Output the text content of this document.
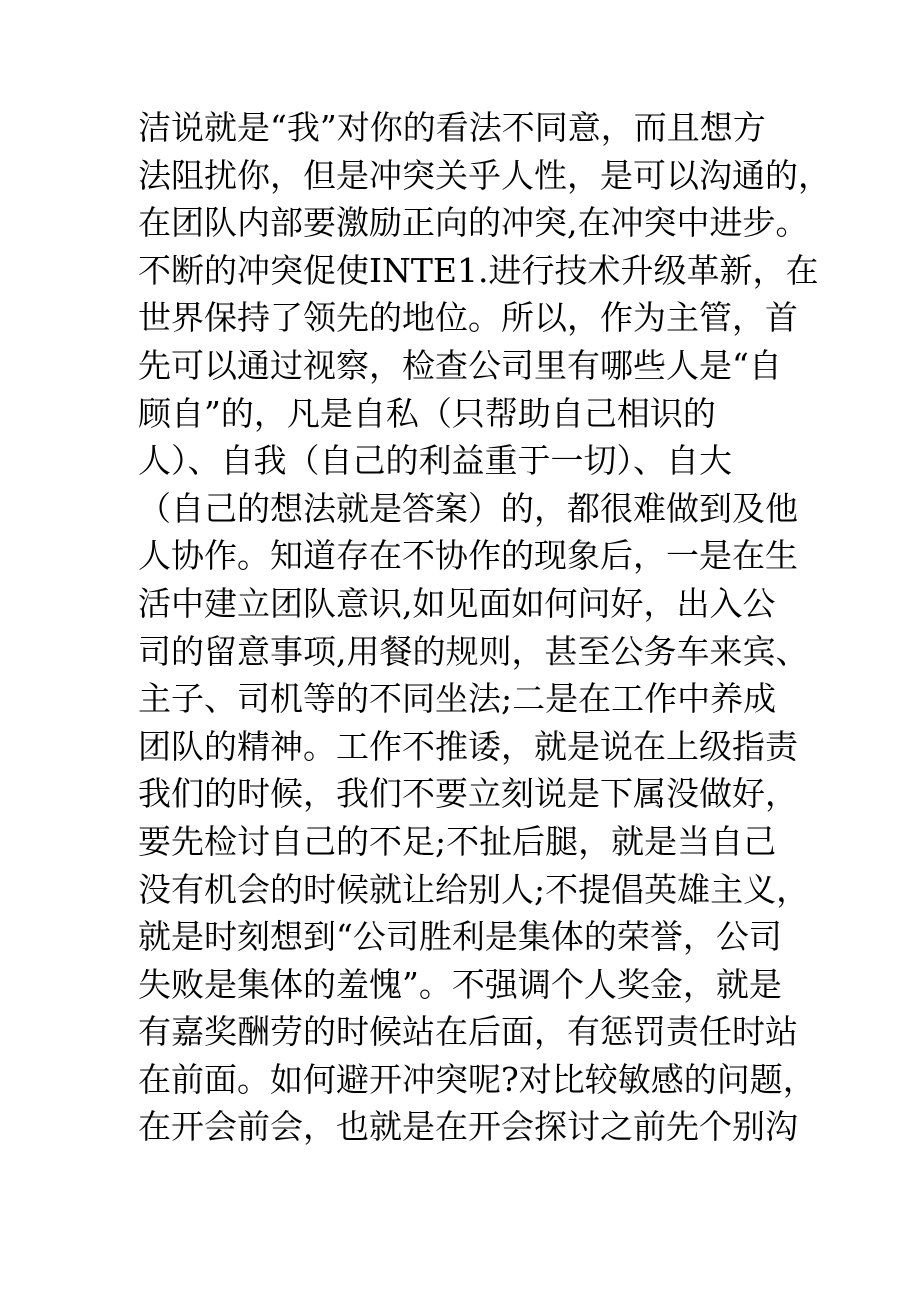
洁说就是“我”对你的看法不同意，而且想方
法阻扰你，但是冲突关乎人性，是可以沟通的，
在团队内部要激励正向的冲突,在冲突中进步。
不断的冲突促使INTE1.进行技术升级革新，在
世界保持了领先的地位。所以，作为主管，首
先可以通过视察，检查公司里有哪些人是“自
顾自”的，凡是自私（只帮助自己相识的
人）、自我（自己的利益重于一切）、自大
（自己的想法就是答案）的，都很难做到及他
人协作。知道存在不协作的现象后，一是在生
活中建立团队意识,如见面如何问好，出入公
司的留意事项,用餐的规则，甚至公务车来宾、
主子、司机等的不同坐法;二是在工作中养成
团队的精神。工作不推诿，就是说在上级指责
我们的时候，我们不要立刻说是下属没做好，
要先检讨自己的不足;不扯后腿，就是当自己
没有机会的时候就让给别人;不提倡英雄主义，
就是时刻想到“公司胜利是集体的荣誉，公司
失败是集体的羞愧”。不强调个人奖金，就是
有嘉奖酬劳的时候站在后面，有惩罚责任时站
在前面。如何避开冲突呢?对比较敏感的问题，
在开会前会，也就是在开会探讨之前先个别沟
